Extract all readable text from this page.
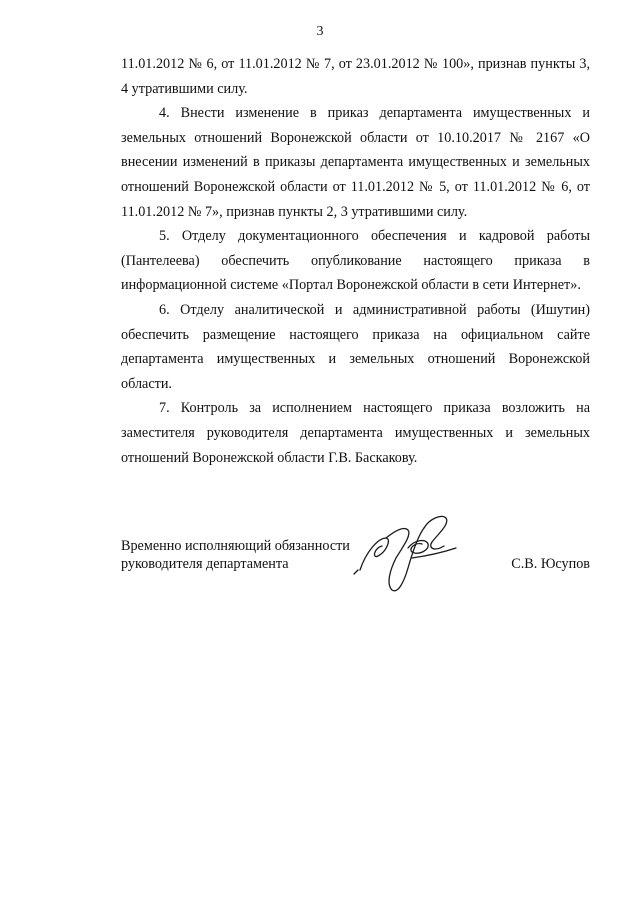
3

11.01.2012 № 6, от 11.01.2012 № 7, от 23.01.2012 № 100», признав пункты 3, 4 утратившими силу.

4. Внести изменение в приказ департамента имущественных и земельных отношений Воронежской области от 10.10.2017 № 2167 «О внесении изменений в приказы департамента имущественных и земельных отношений Воронежской области от 11.01.2012 № 5, от 11.01.2012 № 6, от 11.01.2012 № 7», признав пункты 2, 3 утратившими силу.

5. Отделу документационного обеспечения и кадровой работы (Пантелеева) обеспечить опубликование настоящего приказа в информационной системе «Портал Воронежской области в сети Интернет».

6. Отделу аналитической и административной работы (Ишутин) обеспечить размещение настоящего приказа на официальном сайте департамента имущественных и земельных отношений Воронежской области.

7. Контроль за исполнением настоящего приказа возложить на заместителя руководителя департамента имущественных и земельных отношений Воронежской области Г.В. Баскакову.

Временно исполняющий обязанности
руководителя департамента	С.В. Юсупов
